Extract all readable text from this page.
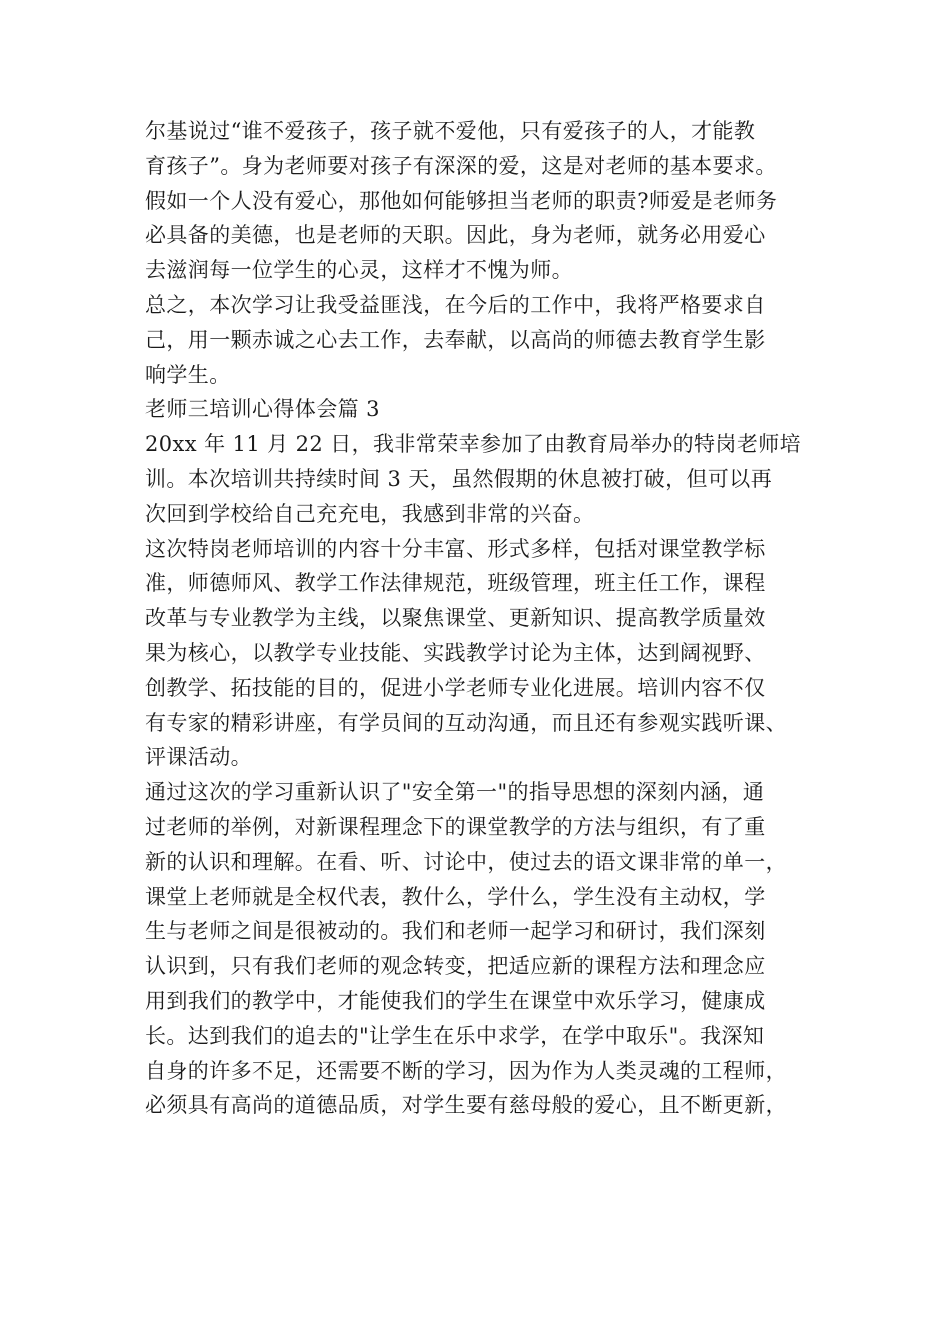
尔基说过“谁不爱孩子，孩子就不爱他，只有爱孩子的人，才能教
育孩子”。身为老师要对孩子有深深的爱，这是对老师的基本要求。
假如一个人没有爱心，那他如何能够担当老师的职责?师爱是老师务
必具备的美德，也是老师的天职。因此，身为老师，就务必用爱心
去滋润每一位学生的心灵，这样才不愧为师。
总之，本次学习让我受益匪浅，在今后的工作中，我将严格要求自
己，用一颗赤诚之心去工作，去奉献，以高尚的师德去教育学生影
响学生。
老师三培训心得体会篇 3
20xx 年 11 月 22 日，我非常荣幸参加了由教育局举办的特岗老师培
训。本次培训共持续时间 3 天，虽然假期的休息被打破，但可以再
次回到学校给自己充充电，我感到非常的兴奋。
这次特岗老师培训的内容十分丰富、形式多样，包括对课堂教学标
准，师德师风、教学工作法律规范，班级管理，班主任工作，课程
改革与专业教学为主线，以聚焦课堂、更新知识、提高教学质量效
果为核心，以教学专业技能、实践教学讨论为主体，达到阔视野、
创教学、拓技能的目的，促进小学老师专业化进展。培训内容不仅
有专家的精彩讲座，有学员间的互动沟通，而且还有参观实践听课、
评课活动。
通过这次的学习重新认识了"安全第一"的指导思想的深刻内涵，通
过老师的举例，对新课程理念下的课堂教学的方法与组织，有了重
新的认识和理解。在看、听、讨论中，使过去的语文课非常的单一，
课堂上老师就是全权代表，教什么，学什么，学生没有主动权，学
生与老师之间是很被动的。我们和老师一起学习和研讨，我们深刻
认识到，只有我们老师的观念转变，把适应新的课程方法和理念应
用到我们的教学中，才能使我们的学生在课堂中欢乐学习，健康成
长。达到我们的追去的"让学生在乐中求学，在学中取乐"。我深知
自身的许多不足，还需要不断的学习，因为作为人类灵魂的工程师，
必须具有高尚的道德品质，对学生要有慈母般的爱心，且不断更新，
